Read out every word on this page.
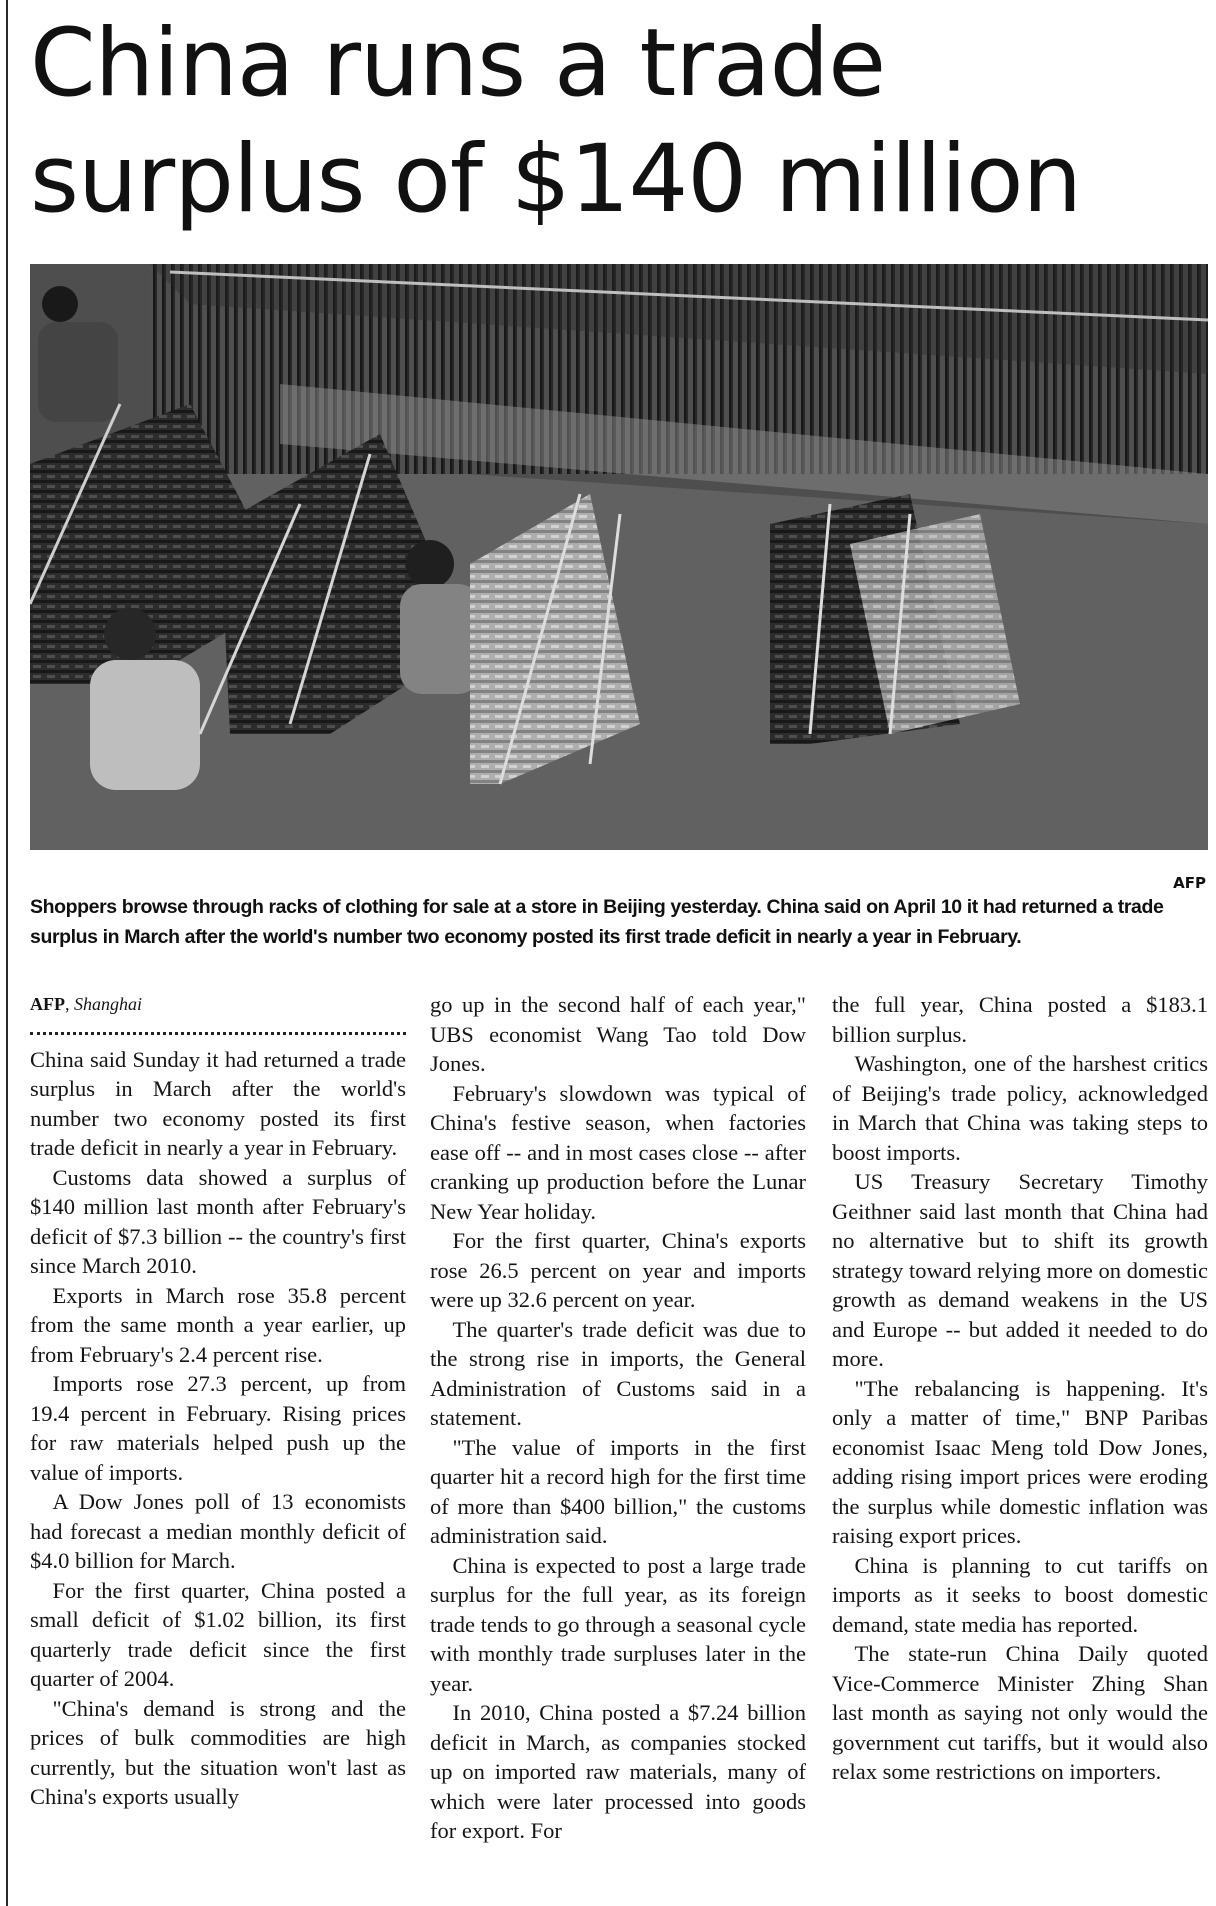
China runs a trade surplus of $140 million
AFP
Shoppers browse through racks of clothing for sale at a store in Beijing yesterday. China said on April 10 it had returned a trade surplus in March after the world's number two economy posted its first trade deficit in nearly a year in February.
AFP, Shanghai

China said Sunday it had returned a trade surplus in March after the world's number two economy posted its first trade deficit in nearly a year in February.

Customs data showed a surplus of $140 million last month after February's deficit of $7.3 billion -- the country's first since March 2010.

Exports in March rose 35.8 percent from the same month a year earlier, up from February's 2.4 percent rise.

Imports rose 27.3 percent, up from 19.4 percent in February. Rising prices for raw materials helped push up the value of imports.

A Dow Jones poll of 13 economists had forecast a median monthly deficit of $4.0 billion for March.

For the first quarter, China posted a small deficit of $1.02 billion, its first quarterly trade deficit since the first quarter of 2004.

"China's demand is strong and the prices of bulk commodities are high currently, but the situation won't last as China's exports usually

go up in the second half of each year," UBS economist Wang Tao told Dow Jones.

February's slowdown was typical of China's festive season, when factories ease off -- and in most cases close -- after cranking up production before the Lunar New Year holiday.

For the first quarter, China's exports rose 26.5 percent on year and imports were up 32.6 percent on year.

The quarter's trade deficit was due to the strong rise in imports, the General Administration of Customs said in a statement.

"The value of imports in the first quarter hit a record high for the first time of more than $400 billion," the customs administration said.

China is expected to post a large trade surplus for the full year, as its foreign trade tends to go through a seasonal cycle with monthly trade surpluses later in the year.

In 2010, China posted a $7.24 billion deficit in March, as companies stocked up on imported raw materials, many of which were later processed into goods for export. For

the full year, China posted a $183.1 billion surplus.

Washington, one of the harshest critics of Beijing's trade policy, acknowledged in March that China was taking steps to boost imports.

US Treasury Secretary Timothy Geithner said last month that China had no alternative but to shift its growth strategy toward relying more on domestic growth as demand weakens in the US and Europe -- but added it needed to do more.

"The rebalancing is happening. It's only a matter of time," BNP Paribas economist Isaac Meng told Dow Jones, adding rising import prices were eroding the surplus while domestic inflation was raising export prices.

China is planning to cut tariffs on imports as it seeks to boost domestic demand, state media has reported.

The state-run China Daily quoted Vice-Commerce Minister Zhing Shan last month as saying not only would the government cut tariffs, but it would also relax some restrictions on importers.
